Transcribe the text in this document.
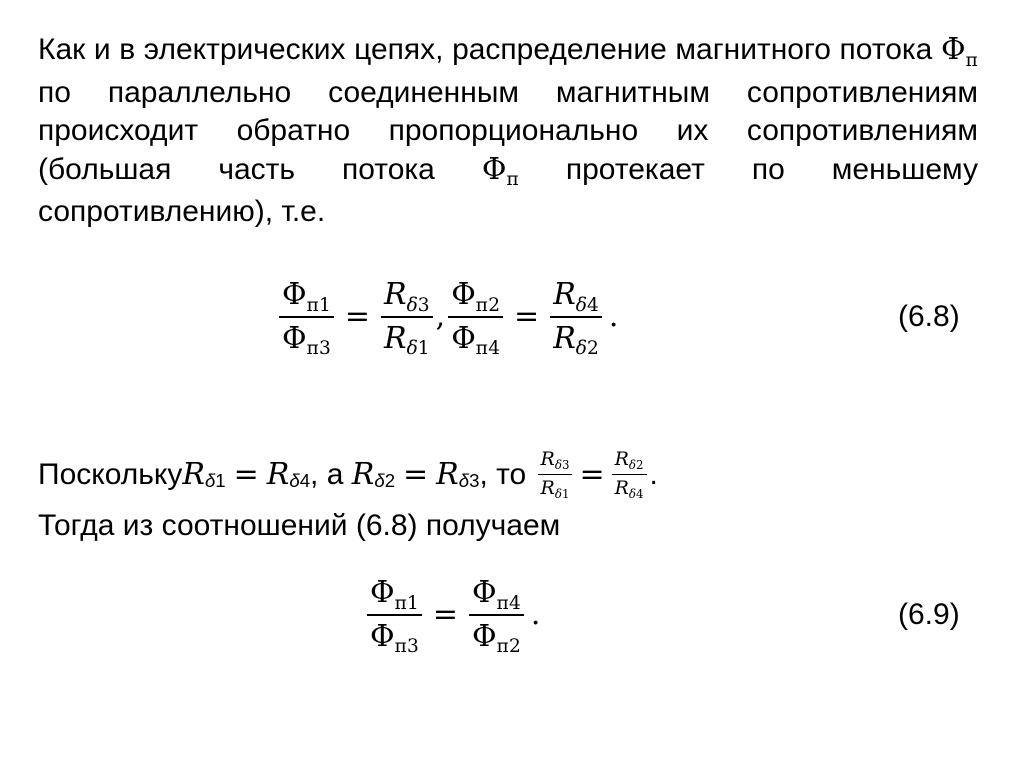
Как и в электрических цепях, распределение магнитного потока $\Phi_п$ по параллельно соединенным магнитным сопротивлениям происходит обратно пропорционально их сопротивлениям (большая часть потока $\Phi_п$ протекает по меньшему сопротивлению), т.е.
$\frac{\Phi_{п1}}{\Phi_{п3}} = \frac{R_{\delta 3}}{R_{\delta 1}}$ , $\frac{\Phi_{п2}}{\Phi_{п4}} = \frac{R_{\delta 4}}{R_{\delta 2}}$ .	(6.8)
Поскольку R δ1 = R δ4 , а R δ2 = R δ3 , то $\frac{R_{\delta 3}}{R_{\delta 1}} = \frac{R_{\delta 2}}{R_{\delta 4}}$ .
Тогда из соотношений (6.8) получаем
$\frac{\Phi_{п1}}{\Phi_{п3}} = \frac{\Phi_{п4}}{\Phi_{п2}}$ .	(6.9)
